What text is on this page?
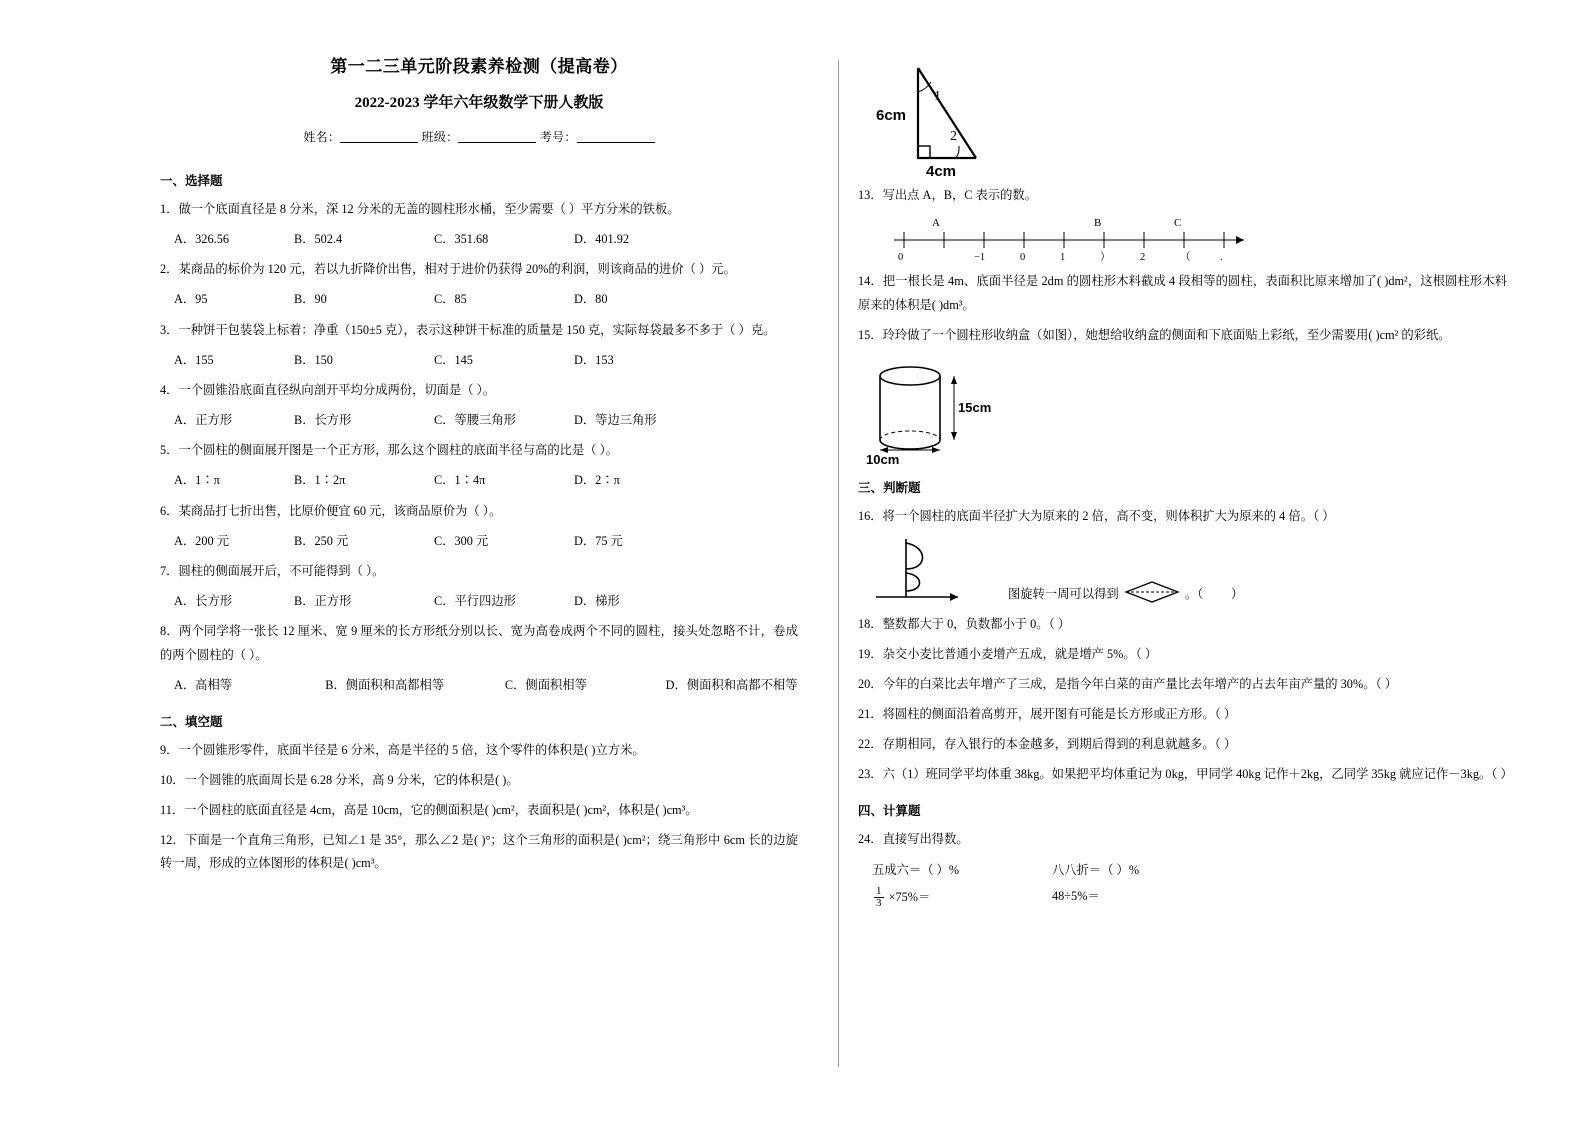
第一二三单元阶段素养检测（提高卷）
2022-2023 学年六年级数学下册人教版
姓名：	班级：	考号：
一、选择题
1．做一个底面直径是 8 分米，深 12 分米的无盖的圆柱形水桶，至少需要（ ）平方分米的铁板。
A．326.56	B．502.4	C．351.68	D．401.92
2．某商品的标价为 120 元，若以九折降价出售，相对于进价仍获得 20%的利润，则该商品的进价（ ）元。
A．95	B．90	C．85	D．80
3．一种饼干包装袋上标着：净重（150±5 克），表示这种饼干标准的质量是 150 克，实际每袋最多不多于（ ）克。
A．155	B．150	C．145	D．153
4．一个圆锥沿底面直径纵向剖开平均分成两份，切面是（ ）。
A．正方形	B．长方形	C．等腰三角形	D．等边三角形
5．一个圆柱的侧面展开图是一个正方形，那么这个圆柱的底面半径与高的比是（ ）。
A．1∶π	B．1∶2π	C．1∶4π	D．2∶π
6．某商品打七折出售，比原价便宜 60 元，该商品原价为（ ）。
A．200 元	B．250 元	C．300 元	D．75 元
7．圆柱的侧面展开后，不可能得到（ ）。
A．长方形	B．正方形	C．平行四边形	D．梯形
8．两个同学将一张长 12 厘米、宽 9 厘米的长方形纸分别以长、宽为高卷成两个不同的圆柱，接头处忽略不计，卷成的两个圆柱的（ ）。
A．高相等	B．侧面积和高都相等	C．侧面积相等	D．侧面积和高都不相等
二、填空题
9．一个圆锥形零件，底面半径是 6 分米，高是半径的 5 倍，这个零件的体积是( )立方米。
10．一个圆锥的底面周长是 6.28 分米，高 9 分米，它的体积是( )。
11．一个圆柱的底面直径是 4cm，高是 10cm，它的侧面积是( )cm²，表面积是( )cm²，体积是( )cm³。
12．下面是一个直角三角形，已知∠1 是 35°，那么∠2 是( )°；这个三角形的面积是( )cm²；绕三角形中 6cm 长的边旋转一周，形成的立体图形的体积是( )cm³。
6cm
4cm
1
2
13．写出点 A，B，C 表示的数。
A	B	C
0	−1	0	1	）	2	（	.
14．把一根长是 4m、底面半径是 2dm 的圆柱形木料截成 4 段相等的圆柱，表面积比原来增加了( )dm²，这根圆柱形木料原来的体积是( )dm³。
15．玲玲做了一个圆柱形收纳盒（如图），她想给收纳盒的侧面和下底面贴上彩纸，至少需要用( )cm² 的彩纸。
15cm
10cm
三、判断题
16．将一个圆柱的底面半径扩大为原来的 2 倍，高不变，则体积扩大为原来的 4 倍。（ ）

图旋转一周可以得到	。（         ）
18．整数都大于 0，负数都小于 0。（ ）
19．杂交小麦比普通小麦增产五成，就是增产 5%。（ ）
20．今年的白菜比去年增产了三成，是指今年白菜的亩产量比去年增产的占去年亩产量的 30%。（ ）
21．将圆柱的侧面沿着高剪开，展开图有可能是长方形或正方形。（ ）
22．存期相同，存入银行的本金越多，到期后得到的利息就越多。（ ）
23．六（1）班同学平均体重 38kg。如果把平均体重记为 0kg，甲同学 40kg 记作＋2kg，乙同学 35kg 就应记作－3kg。（ ）
四、计算题
24．直接写出得数。
五成六＝（ ）%	八八折＝（ ）%
$\frac{1}{3} \times 75\%=$	48÷5%＝
